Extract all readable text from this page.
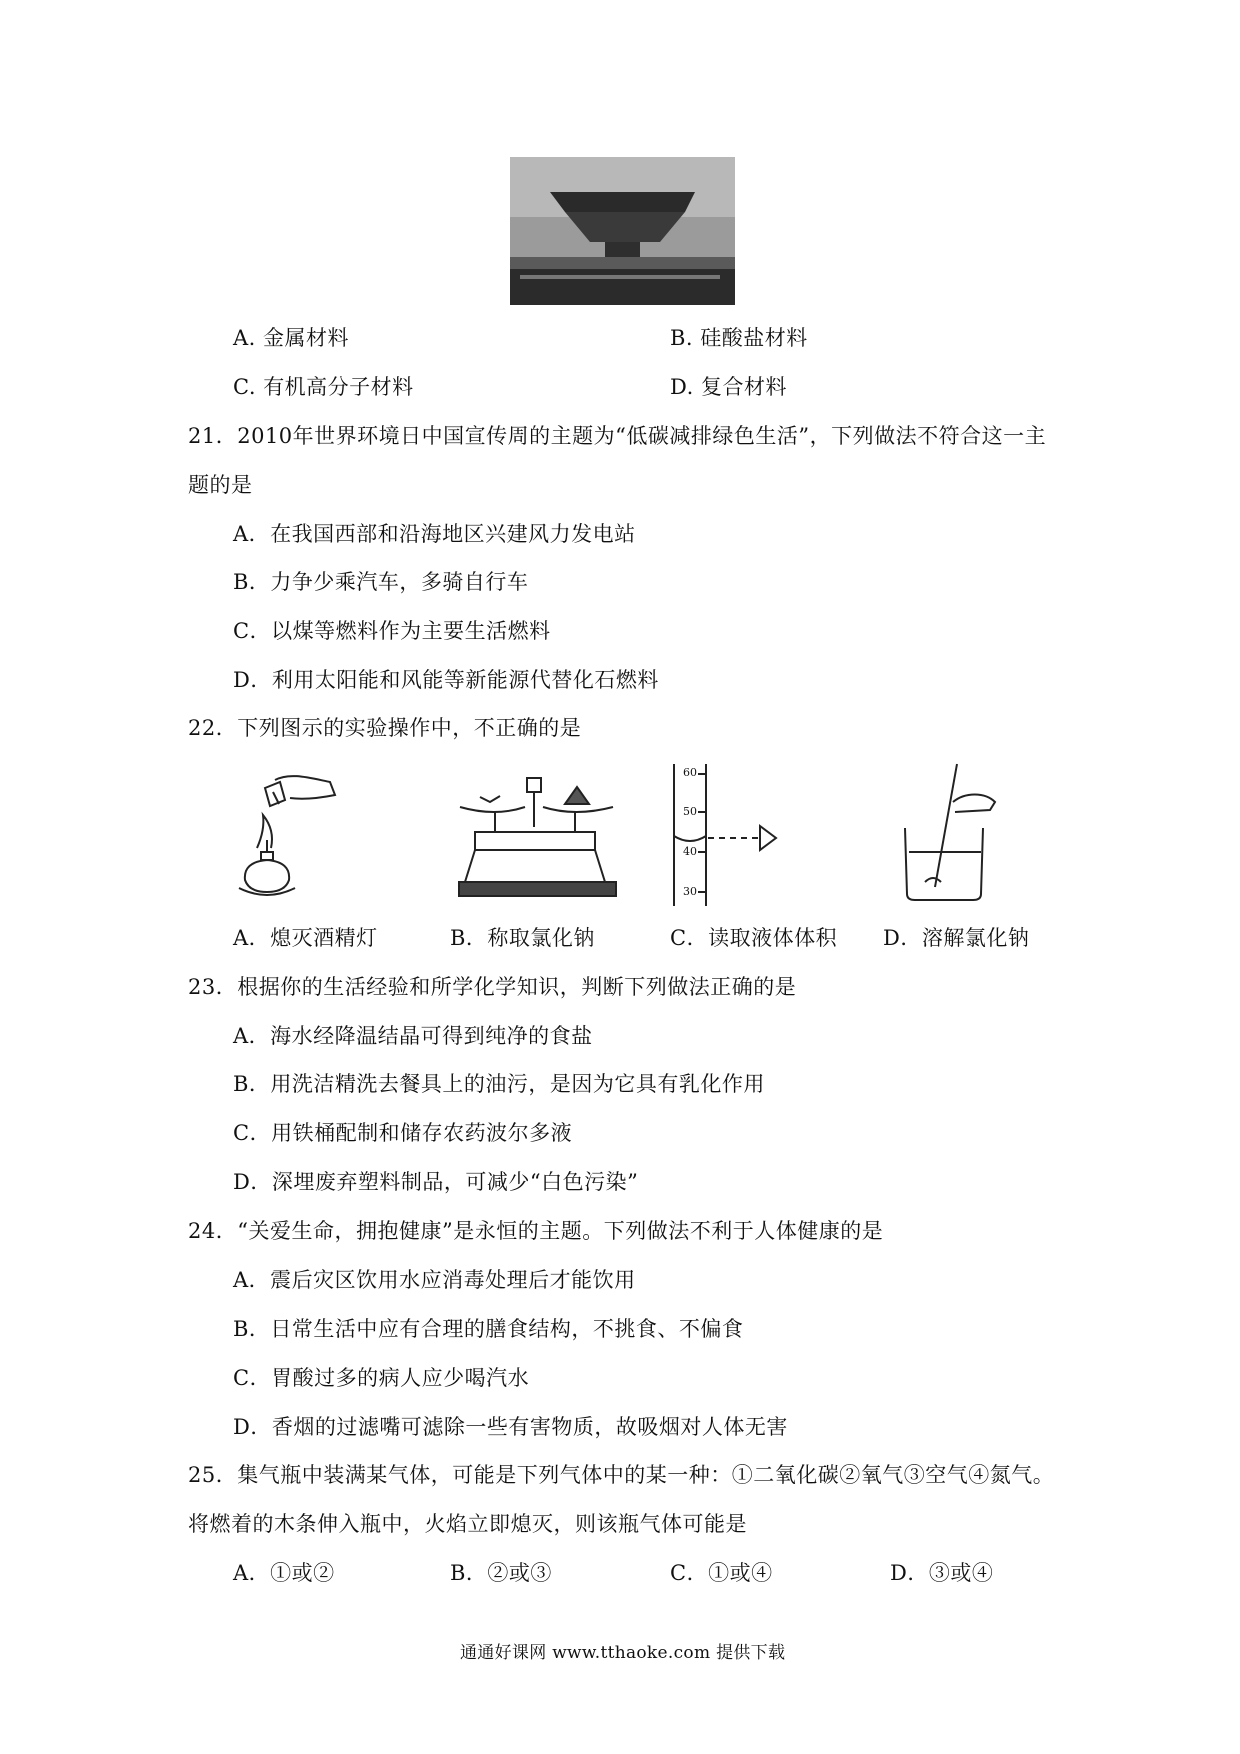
A. 金属材料	B. 硅酸盐材料
C. 有机高分子材料	D. 复合材料
21．2010年世界环境日中国宣传周的主题为“低碳减排绿色生活”，下列做法不符合这一主
题的是
A．在我国西部和沿海地区兴建风力发电站
B．力争少乘汽车，多骑自行车
C．以煤等燃料作为主要生活燃料
D．利用太阳能和风能等新能源代替化石燃料
22．下列图示的实验操作中，不正确的是
60
50
40
30
A．熄灭酒精灯	B．称取氯化钠	C．读取液体体积 D．溶解氯化钠
23．根据你的生活经验和所学化学知识，判断下列做法正确的是
A．海水经降温结晶可得到纯净的食盐
B．用洗洁精洗去餐具上的油污，是因为它具有乳化作用
C．用铁桶配制和储存农药波尔多液
D．深埋废弃塑料制品，可减少“白色污染”
24．“关爱生命，拥抱健康”是永恒的主题。下列做法不利于人体健康的是
A．震后灾区饮用水应消毒处理后才能饮用
B．日常生活中应有合理的膳食结构，不挑食、不偏食
C．胃酸过多的病人应少喝汽水
D．香烟的过滤嘴可滤除一些有害物质，故吸烟对人体无害
25．集气瓶中装满某气体，可能是下列气体中的某一种：①二氧化碳②氧气③空气④氮气。
将燃着的木条伸入瓶中，火焰立即熄灭，则该瓶气体可能是
A．①或②	B．②或③	C．①或④	D．③或④
通通好课网 www.tthaoke.com 提供下载
